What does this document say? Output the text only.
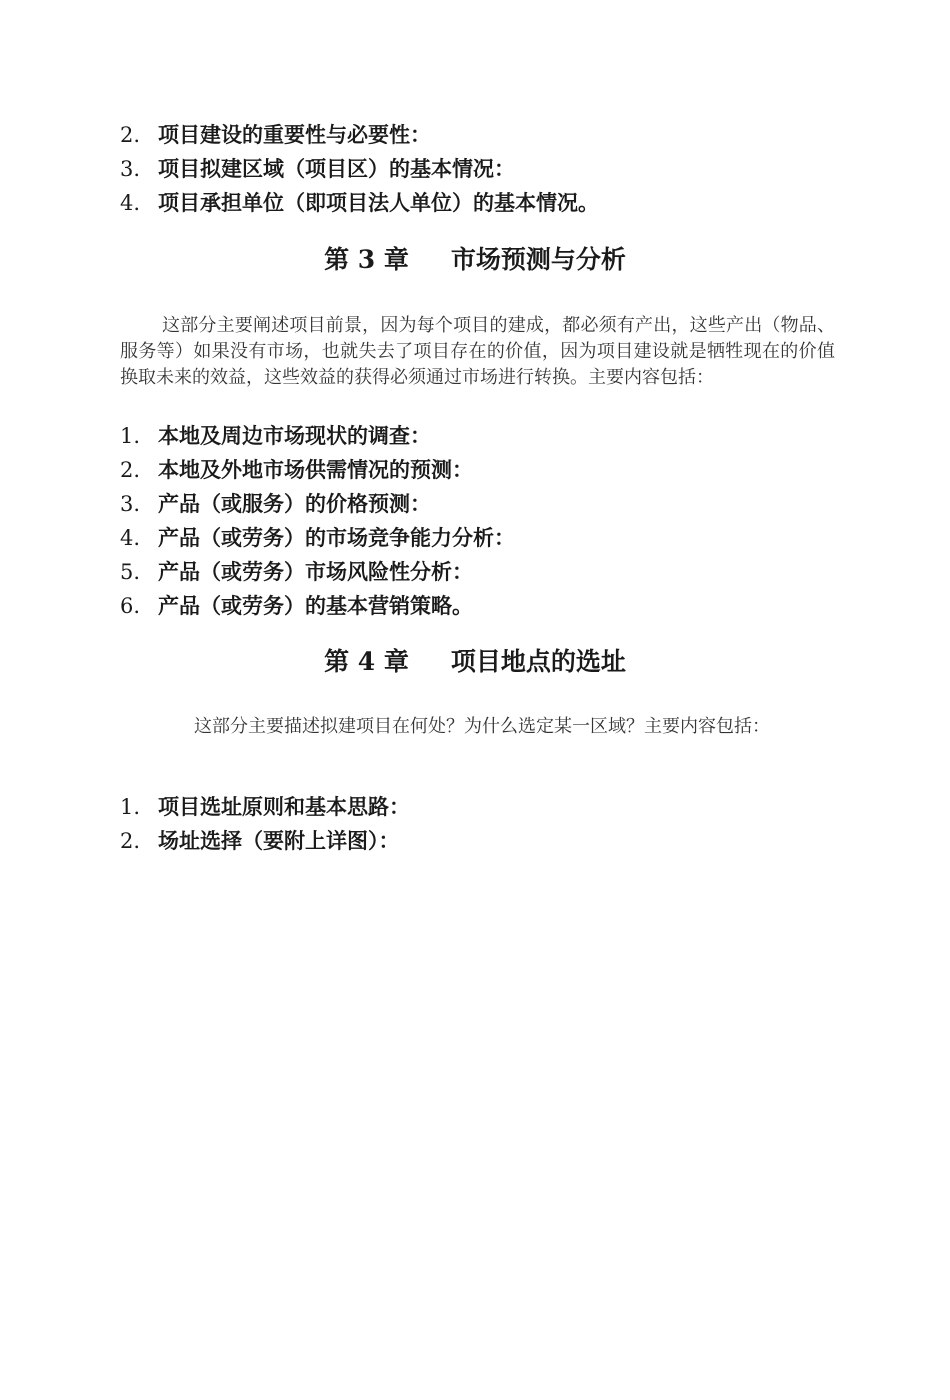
2. 项目建设的重要性与必要性：
3. 项目拟建区域（项目区）的基本情况：
4. 项目承担单位（即项目法人单位）的基本情况。
第 3 章 市场预测与分析

这部分主要阐述项目前景，因为每个项目的建成，都必须有产出，这些产出（物品、服务等）如果没有市场，也就失去了项目存在的价值，因为项目建设就是牺牲现在的价值换取未来的效益，这些效益的获得必须通过市场进行转换。主要内容包括：

1. 本地及周边市场现状的调查：
2. 本地及外地市场供需情况的预测：
3. 产品（或服务）的价格预测：
4. 产品（或劳务）的市场竞争能力分析：
5. 产品（或劳务）市场风险性分析：
6. 产品（或劳务）的基本营销策略。
第 4 章 项目地点的选址

这部分主要描述拟建项目在何处？为什么选定某一区域？主要内容包括：

1. 项目选址原则和基本思路：
2. 场址选择（要附上详图）：
